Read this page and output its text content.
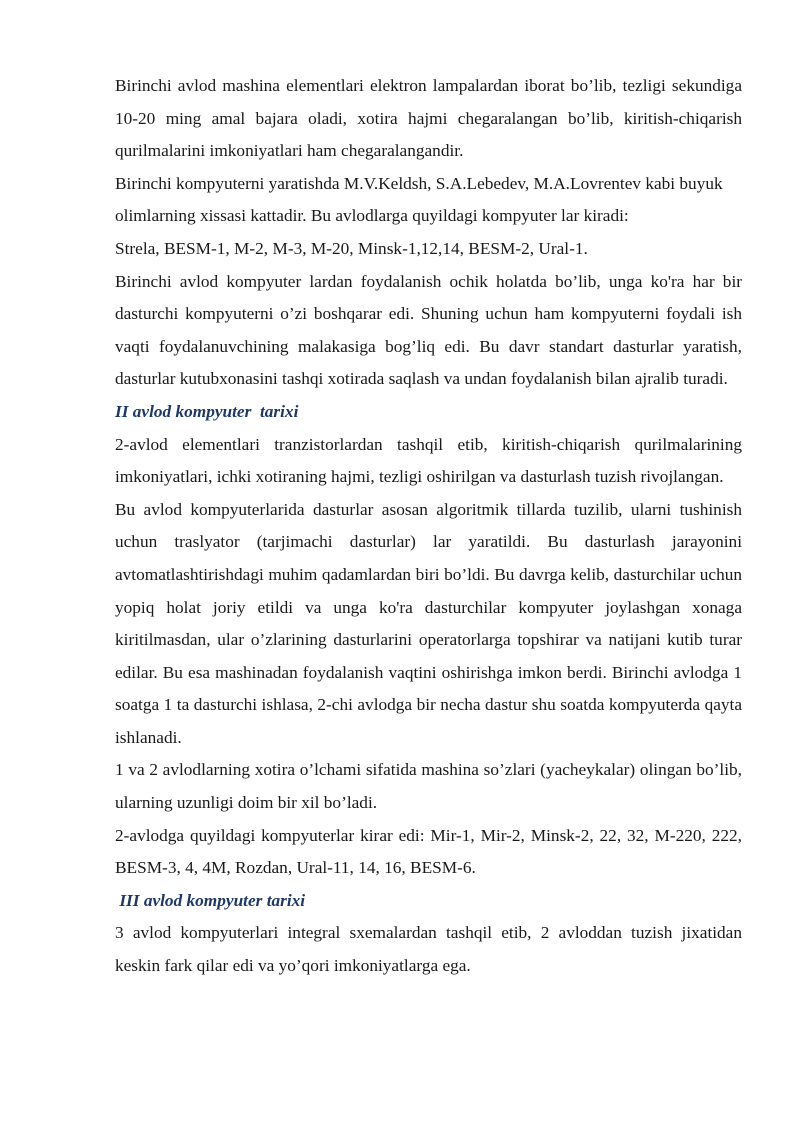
Birinchi avlod mashina elementlari elektron lampalardan iborat bo’lib, tezligi sekundiga 10-20 ming amal bajara oladi, xotira hajmi chegaralangan bo’lib, kiritish-chiqarish qurilmalarini imkoniyatlari ham chegaralangandir.

Birinchi kompyuterni yaratishda M.V.Keldsh, S.A.Lebedev, M.A.Lovrentev kabi buyuk olimlarning xissasi kattadir. Bu avlodlarga quyildagi kompyuter lar kiradi:

Strela, BESM-1, M-2, M-3, M-20, Minsk-1,12,14, BESM-2, Ural-1.

Birinchi avlod kompyuter lardan foydalanish ochik holatda bo’lib, unga ko'ra har bir dasturchi kompyuterni o’zi boshqarar edi. Shuning uchun ham kompyuterni foydali ish vaqti foydalanuvchining malakasiga bog’liq edi. Bu davr standart dasturlar yaratish, dasturlar kutubxonasini tashqi xotirada saqlash va undan foydalanish bilan ajralib turadi.

II avlod kompyuter  tarixi

2-avlod elementlari tranzistorlardan tashqil etib, kiritish-chiqarish qurilmalarining imkoniyatlari, ichki xotiraning hajmi, tezligi oshirilgan va dasturlash tuzish rivojlangan.

Bu avlod kompyuterlarida dasturlar asosan algoritmik tillarda tuzilib, ularni tushinish uchun traslyator (tarjimachi dasturlar) lar yaratildi. Bu dasturlash jarayonini avtomatlashtirishdagi muhim qadamlardan biri bo’ldi. Bu davrga kelib, dasturchilar uchun yopiq holat joriy etildi va unga ko'ra dasturchilar kompyuter joylashgan xonaga kiritilmasdan, ular o’zlarining dasturlarini operatorlarga topshirar va natijani kutib turar edilar. Bu esa mashinadan foydalanish vaqtini oshirishga imkon berdi. Birinchi avlodga 1 soatga 1 ta dasturchi ishlasa, 2-chi avlodga bir necha dastur shu soatda kompyuterda qayta ishlanadi.

1 va 2 avlodlarning xotira o’lchami sifatida mashina so’zlari (yacheykalar) olingan bo’lib, ularning uzunligi doim bir xil bo’ladi.

2-avlodga quyildagi kompyuterlar kirar edi: Mir-1, Mir-2, Minsk-2, 22, 32, M-220, 222, BESM-3, 4, 4M, Rozdan, Ural-11, 14, 16, BESM-6.

III avlod kompyuter tarixi

3 avlod kompyuterlari integral sxemalardan tashqil etib, 2 avloddan tuzish jixatidan keskin fark qilar edi va yo’qori imkoniyatlarga ega.
